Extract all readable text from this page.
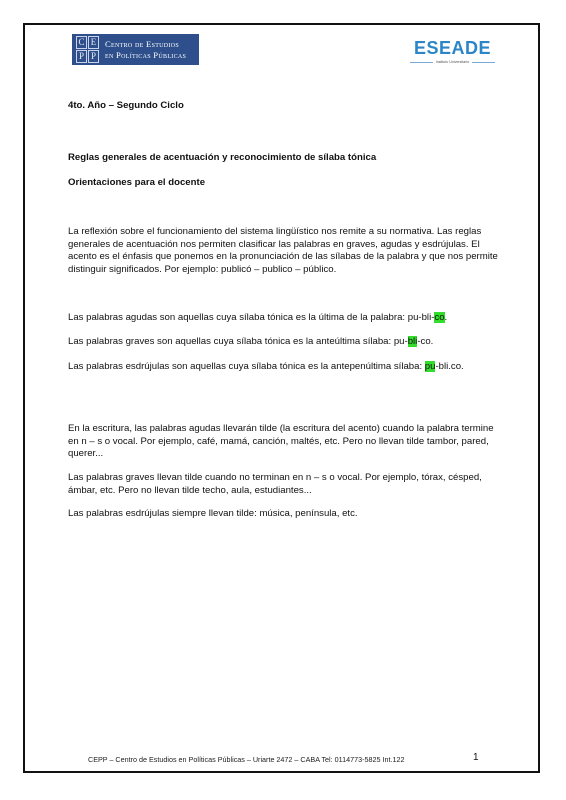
C E
P P
Centro de Estudios
en Políticas Públicas	ESEADE
Instituto Universitario
4to. Año – Segundo Ciclo
Reglas generales de acentuación y reconocimiento de sílaba tónica
Orientaciones para el docente
La reflexión sobre el funcionamiento del sistema lingüístico nos remite a su normativa. Las reglas generales de acentuación nos permiten clasificar las palabras en graves, agudas y esdrújulas. El acento es el énfasis que ponemos en la pronunciación de las sílabas de la palabra y que nos permite distinguir significados. Por ejemplo: publicó – publico – público.
Las palabras agudas son aquellas cuya sílaba tónica es la última de la palabra: pu-bli-co.
Las palabras graves son aquellas cuya sílaba tónica es la anteúltima sílaba: pu-bli-co.
Las palabras esdrújulas son aquellas cuya sílaba tónica es la antepenúltima sílaba: pu-bli.co.
En la escritura, las palabras agudas llevarán tilde (la escritura del acento) cuando la palabra termine en n – s o vocal. Por ejemplo, café, mamá, canción, maltés, etc. Pero no llevan tilde tambor, pared, querer...
Las palabras graves llevan tilde cuando no terminan en n – s o vocal. Por ejemplo, tórax, césped, ámbar, etc. Pero no llevan tilde techo, aula, estudiantes...
Las palabras esdrújulas siempre llevan tilde: música, península, etc.
CEPP – Centro de Estudios en Políticas Públicas – Uriarte 2472 – CABA Tel: 0114773-5825 Int.122	1
